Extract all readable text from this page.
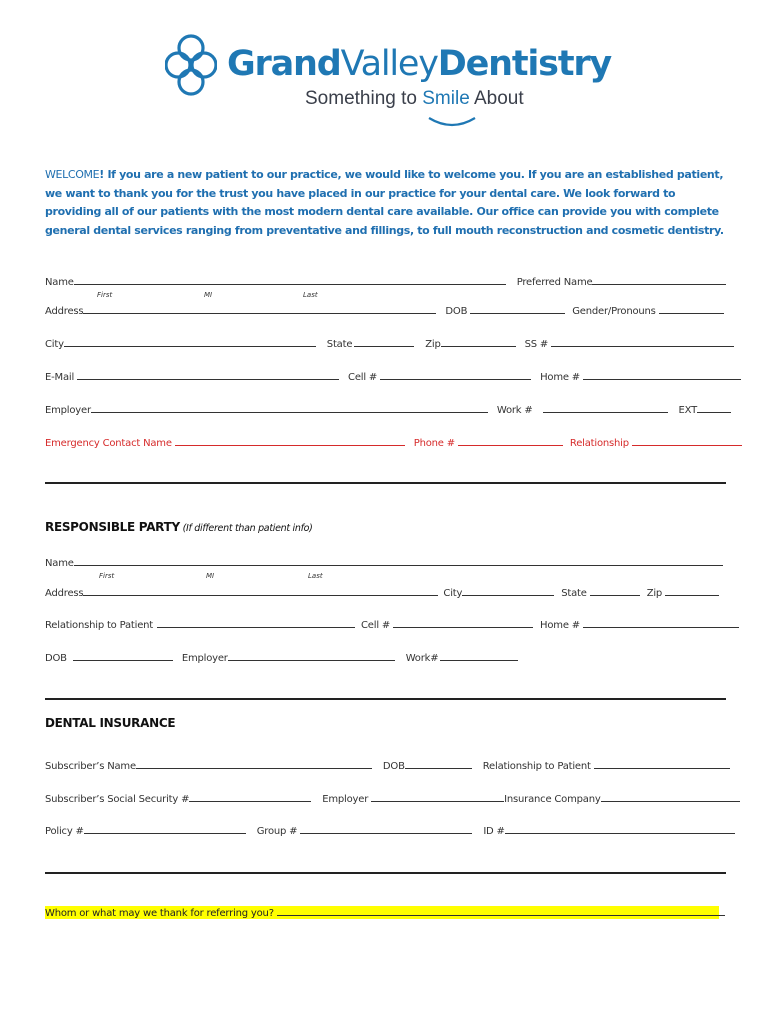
GrandValleyDentistry
Something to Smile About
WELCOME! If you are a new patient to our practice, we would like to welcome you. If you are an established patient, we want to thank you for the trust you have placed in our practice for your dental care. We look forward to providing all of our patients with the most modern dental care available. Our office can provide you with complete general dental services ranging from preventative and fillings, to full mouth reconstruction and cosmetic dentistry.
Name	Preferred Name
First	MI	Last
Address	DOB	Gender/Pronouns
City	State	Zip	SS #
E-Mail	Cell #	Home #
Employer	Work #	EXT
Emergency Contact Name	Phone #	Relationship
RESPONSIBLE PARTY (If different than patient info)
Name
First	MI	Last
Address	City	State	Zip
Relationship to Patient	Cell #	Home #
DOB	Employer	Work#
DENTAL INSURANCE
Subscriber’s Name	DOB	Relationship to Patient
Subscriber’s Social Security #	Employer	Insurance Company
Policy #	Group #	ID #
Whom or what may we thank for referring you?
